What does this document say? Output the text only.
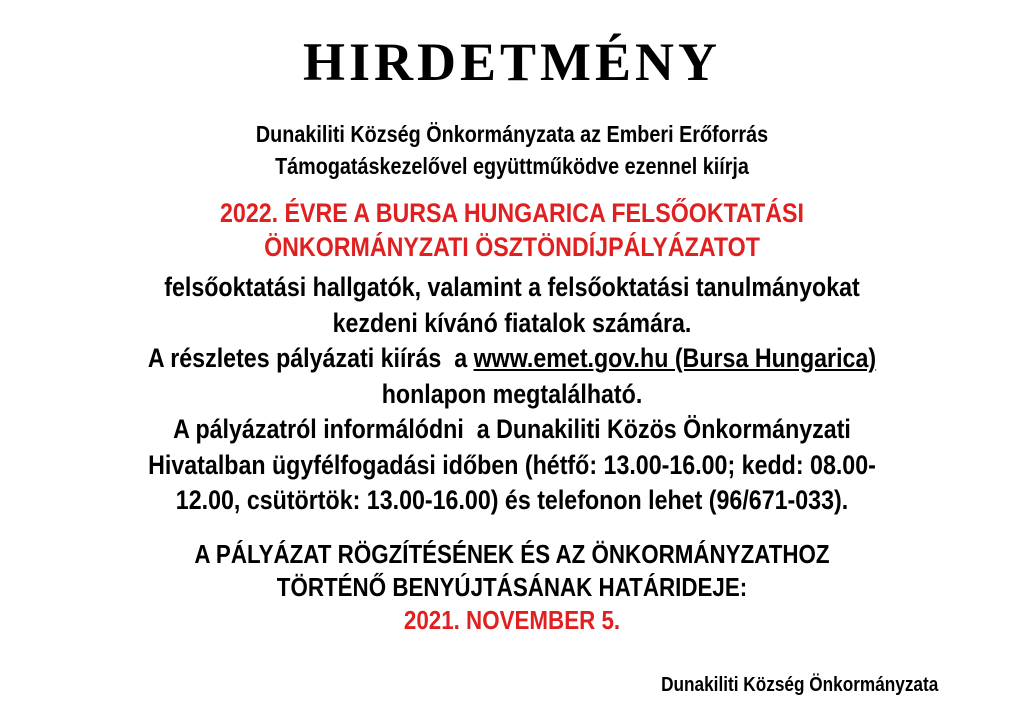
HIRDETMÉNY
Dunakiliti Község Önkormányzata az Emberi Erőforrás
Támogatáskezelővel együttműködve ezennel kiírja
2022. ÉVRE A BURSA HUNGARICA FELSŐOKTATÁSI
ÖNKORMÁNYZATI ÖSZTÖNDÍJPÁLYÁZATOT
felsőoktatási hallgatók, valamint a felsőoktatási tanulmányokat
kezdeni kívánó fiatalok számára.
A részletes pályázati kiírás  a www.emet.gov.hu (Bursa Hungarica)
honlapon megtalálható.
A pályázatról informálódni  a Dunakiliti Közös Önkormányzati
Hivatalban ügyfélfogadási időben (hétfő: 13.00-16.00; kedd: 08.00-
12.00, csütörtök: 13.00-16.00) és telefonon lehet (96/671-033).
A PÁLYÁZAT RÖGZÍTÉSÉNEK ÉS AZ ÖNKORMÁNYZATHOZ
TÖRTÉNŐ BENYÚJTÁSÁNAK HATÁRIDEJE:
2021. NOVEMBER 5.
Dunakiliti Község Önkormányzata
